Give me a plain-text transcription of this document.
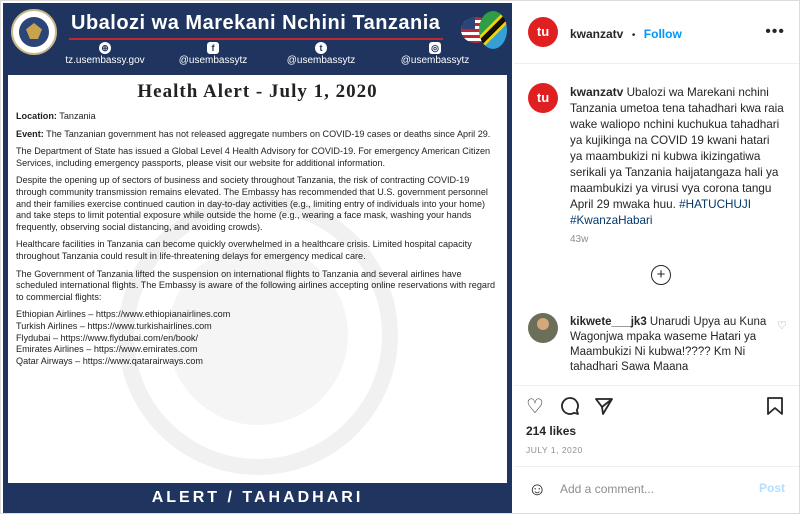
Ubalozi wa Marekani Nchini Tanzania
⊕
tz.usembassy.gov
f
@usembassytz
t
@usembassytz
◎
@usembassytz
Health Alert - July 1, 2020

Location: Tanzania

Event: The Tanzanian government has not released aggregate numbers on COVID-19 cases or deaths since April 29.

The Department of State has issued a Global Level 4 Health Advisory for COVID-19. For emergency American Citizen Services, including emergency passports, please visit our website for additional information.

Despite the opening up of sectors of business and society throughout Tanzania, the risk of contracting COVID-19 through community transmission remains elevated. The Embassy has recommended that U.S. government personnel and their families exercise continued caution in day-to-day activities (e.g., limiting entry of individuals into your home) and take steps to limit potential exposure while outside the home (e.g., wearing a face mask, washing your hands frequently, observing social distancing, and avoiding crowds).

Healthcare facilities in Tanzania can become quickly overwhelmed in a healthcare crisis. Limited hospital capacity throughout Tanzania could result in life-threatening delays for emergency medical care.

The Government of Tanzania lifted the suspension on international flights to Tanzania and several airlines have scheduled international flights. The Embassy is aware of the following airlines accepting online reservations with regard to commercial flights:

Ethiopian Airlines – https://www.ethiopianairlines.com

Turkish Airlines – https://www.turkishairlines.com

Flydubai – https://www.flydubai.com/en/book/

Emirates Airlines – https://www.emirates.com

Qatar Airways – https://www.qatarairways.com

ALERT / TAHADHARI
tu	kwanzatv • Follow	•••
tu	kwanzatv Ubalozi wa Marekani nchini Tanzania umetoa tena tahadhari kwa raia wake waliopo nchini kuchukua tahadhari ya kujikinga na COVID 19 kwani hatari ya maambukizi ni kubwa ikizingatiwa serikali ya Tanzania haijatangaza hali ya maambukizi ya virusi vya corona tangu April 29 mwaka huu. #HATUCHUJI #KwanzaHabari
43w
+
kikwete___jk3 Unarudi Upya au Kuna Wagonjwa mpaka waseme Hatari ya Maambukizi Ni kubwa!???? Km Ni tahadhari Sawa Maana
♡
♡
214 likes
JULY 1, 2020
☺
Add a comment...	Post
